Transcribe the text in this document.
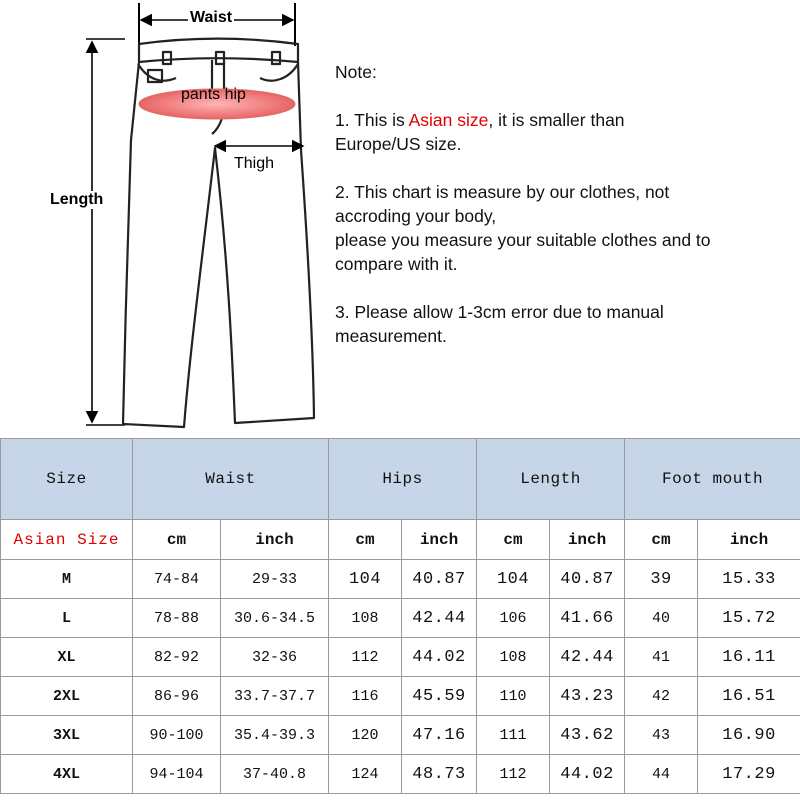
Waist
Length
pants hip
Thigh

Note:

1. This is Asian size, it is smaller than

Europe/US size.

2. This chart is measure by our clothes, not

accroding your body,

please you measure your suitable clothes and to

compare with it.

3. Please allow 1-3cm error due to manual

measurement.

Size	Waist		Hips		Length		Foot mouth	
Asian Size	cm	inch	cm	inch	cm	inch	cm	inch
M	74-84	29-33	104	40.87	104	40.87	39	15.33
L	78-88	30.6-34.5	108	42.44	106	41.66	40	15.72
XL	82-92	32-36	112	44.02	108	42.44	41	16.11
2XL	86-96	33.7-37.7	116	45.59	110	43.23	42	16.51
3XL	90-100	35.4-39.3	120	47.16	111	43.62	43	16.90
4XL	94-104	37-40.8	124	48.73	112	44.02	44	17.29
